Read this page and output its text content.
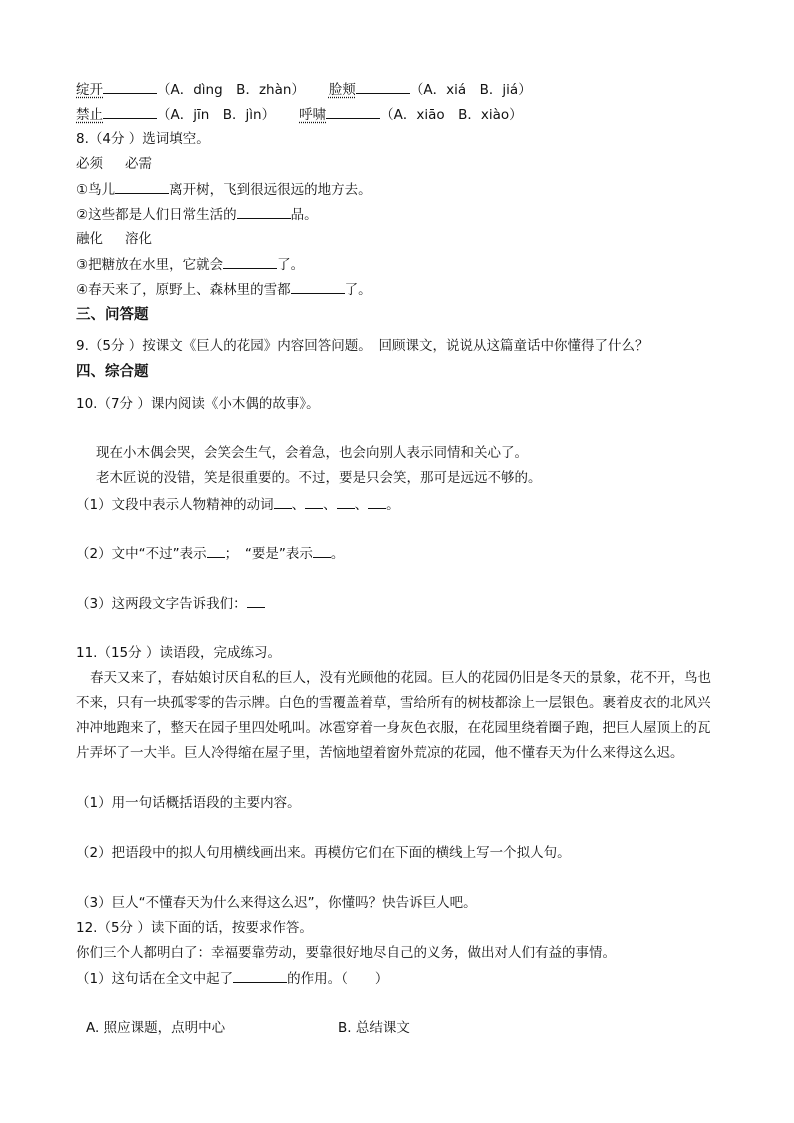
绽开	（A．dìng　B．zhàn） 脸颊	（A．xiá　B．jiá）
禁止	（A．jīn　B．jìn） 呼啸	（A．xiāo　B．xiào）
8.（4分 ）选词填空。
必须 必需
①鸟儿	离开树，飞到很远很远的地方去。
②这些都是人们日常生活的	品。
融化 溶化
③把糖放在水里，它就会	了。
④春天来了，原野上、森林里的雪都	了。
三、问答题
9.（5分 ）按课文《巨人的花园》内容回答问题。　回顾课文，说说从这篇童话中你懂得了什么？
四、综合题
10.（7分 ）课内阅读《小木偶的故事》。
现在小木偶会哭，会笑会生气，会着急，也会向别人表示同情和关心了。
老木匠说的没错，笑是很重要的。不过，要是只会笑，那可是远远不够的。
（1）文段中表示人物精神的动词 、 、 、 。
（2）文中“不过”表示 ；　“要是”表示 。
（3）这两段文字告诉我们：
11.（15分 ）读语段，完成练习。
春天又来了，春姑娘讨厌自私的巨人，没有光顾他的花园。巨人的花园仍旧是冬天的景象，花不开，鸟也不来，只有一块孤零零的告示牌。白色的雪覆盖着草，雪给所有的树枝都涂上一层银色。裹着皮衣的北风兴冲冲地跑来了，整天在园子里四处吼叫。冰雹穿着一身灰色衣服，在花园里绕着圈子跑，把巨人屋顶上的瓦片弄坏了一大半。巨人冷得缩在屋子里，苦恼地望着窗外荒凉的花园，他不懂春天为什么来得这么迟。
（1）用一句话概括语段的主要内容。
（2）把语段中的拟人句用横线画出来。再模仿它们在下面的横线上写一个拟人句。
（3）巨人“不懂春天为什么来得这么迟”，你懂吗？快告诉巨人吧。
12.（5分 ）读下面的话，按要求作答。
你们三个人都明白了：幸福要靠劳动，要靠很好地尽自己的义务，做出对人们有益的事情。
（1）这句话在全文中起了	的作用。（　　）
A. 照应课题，点明中心	B. 总结课文
